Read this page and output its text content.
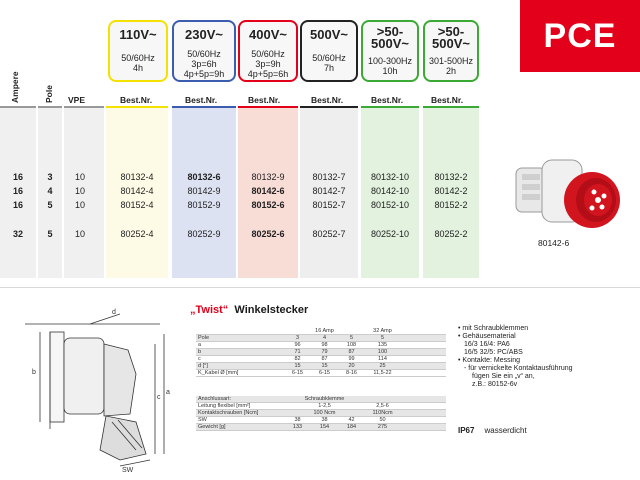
PCE
110V~
50/60Hz
4h
230V~
50/60Hz
3p=6h
4p+5p=9h
400V~
50/60Hz
3p=9h
4p+5p=6h
500V~
50/60Hz
7h
>50-
500V~
100-300Hz
10h
>50-
500V~
301-500Hz
2h
Ampere	Pole VPE	Best.Nr.	Best.Nr.	Best.Nr.	Best.Nr.	Best.Nr.	Best.Nr.
16	3	10	80132-4	80132-6	80132-9	80132-7	80132-10	80132-2
16	4	10	80142-4	80142-9	80142-6	80142-7	80142-10	80142-2
16	5	10	80152-4	80152-9	80152-6	80152-7	80152-10	80152-2
32	5	10	80252-4	80252-9	80252-6	80252-7	80252-10	80252-2
80142-6
d
b
c
a
SW
„Twist“ Winkelstecker
16 Amp	32 Amp
Pole	3	4	5	5
a	96	98	108	135
b	71	79	87	100
c	82	87	99	114
d [°]	15	15	20	25
K_Kabel Ø [mm]	6-15	6-15	8-16	11,5-22
Anschlussart:	Schraubklemme
Leitung flexibel [mm²]	1-2,5	2,5-6
Kontaktschrauben [Ncm]	100 Ncm	110Ncm
SW	38	38	42	50
Gewicht [g]	133	154	184	275
• mit Schraubklemmen
• Gehäusematerial
16/3 16/4: PA6
16/5 32/5: PC/ABS
• Kontakte: Messing
- für vernickelte Kontaktausführung
fügen Sie ein „v“ an,
z.B.: 80152-6v
IP67 wasserdicht
